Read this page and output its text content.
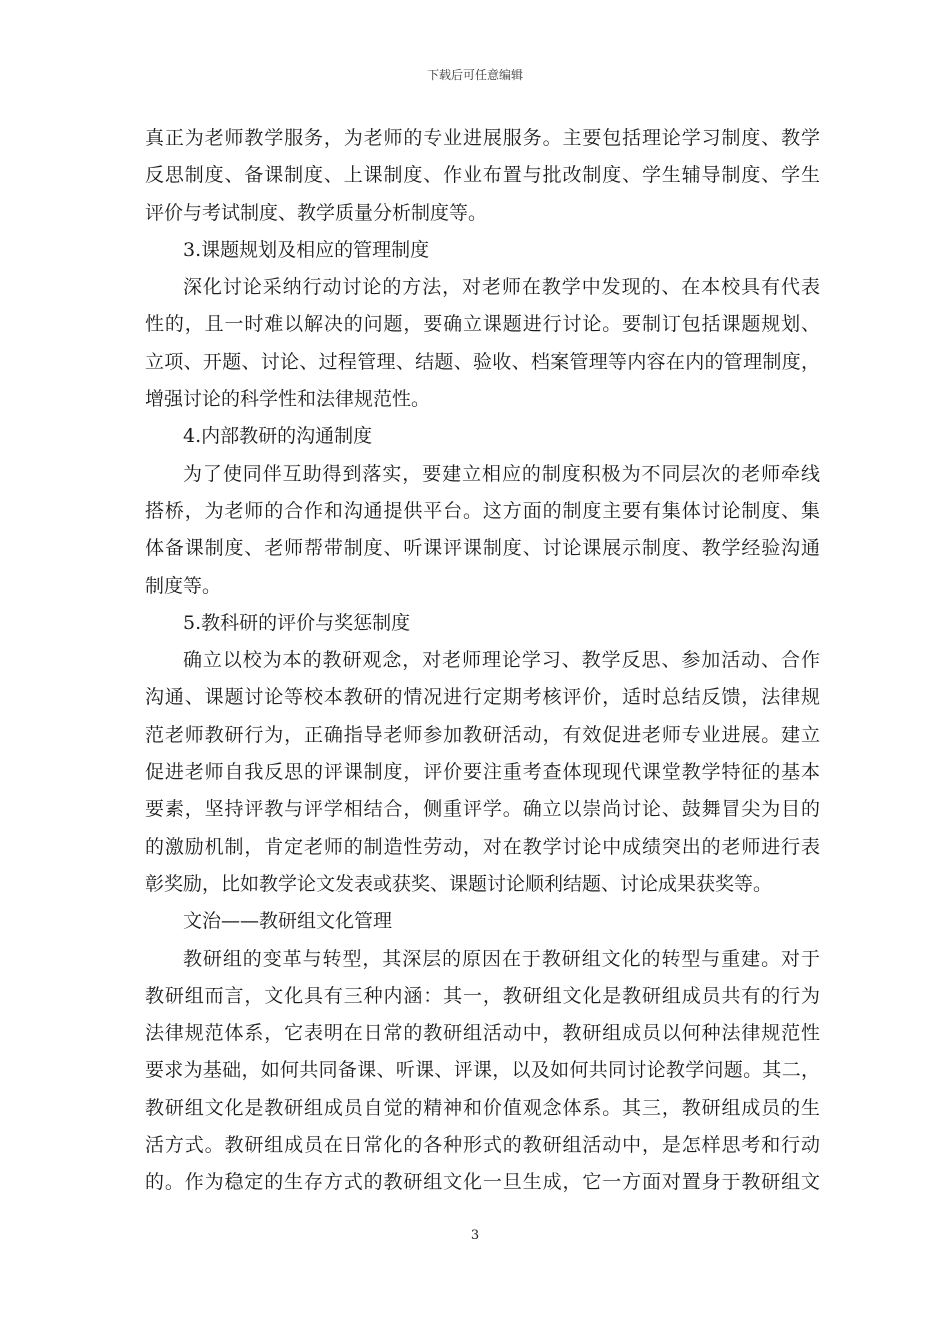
下载后可任意编辑
真正为老师教学服务，为老师的专业进展服务。主要包括理论学习制度、教学
反思制度、备课制度、上课制度、作业布置与批改制度、学生辅导制度、学生
评价与考试制度、教学质量分析制度等。
3.课题规划及相应的管理制度
深化讨论采纳行动讨论的方法，对老师在教学中发现的、在本校具有代表
性的，且一时难以解决的问题，要确立课题进行讨论。要制订包括课题规划、
立项、开题、讨论、过程管理、结题、验收、档案管理等内容在内的管理制度，
增强讨论的科学性和法律规范性。
4.内部教研的沟通制度
为了使同伴互助得到落实，要建立相应的制度积极为不同层次的老师牵线
搭桥，为老师的合作和沟通提供平台。这方面的制度主要有集体讨论制度、集
体备课制度、老师帮带制度、听课评课制度、讨论课展示制度、教学经验沟通
制度等。
5.教科研的评价与奖惩制度
确立以校为本的教研观念，对老师理论学习、教学反思、参加活动、合作
沟通、课题讨论等校本教研的情况进行定期考核评价，适时总结反馈，法律规
范老师教研行为，正确指导老师参加教研活动，有效促进老师专业进展。建立
促进老师自我反思的评课制度，评价要注重考查体现现代课堂教学特征的基本
要素，坚持评教与评学相结合，侧重评学。确立以崇尚讨论、鼓舞冒尖为目的
的激励机制，肯定老师的制造性劳动，对在教学讨论中成绩突出的老师进行表
彰奖励，比如教学论文发表或获奖、课题讨论顺利结题、讨论成果获奖等。
文治——教研组文化管理
教研组的变革与转型，其深层的原因在于教研组文化的转型与重建。对于
教研组而言，文化具有三种内涵：其一，教研组文化是教研组成员共有的行为
法律规范体系，它表明在日常的教研组活动中，教研组成员以何种法律规范性
要求为基础，如何共同备课、听课、评课，以及如何共同讨论教学问题。其二，
教研组文化是教研组成员自觉的精神和价值观念体系。其三，教研组成员的生
活方式。教研组成员在日常化的各种形式的教研组活动中，是怎样思考和行动
的。作为稳定的生存方式的教研组文化一旦生成，它一方面对置身于教研组文
3
